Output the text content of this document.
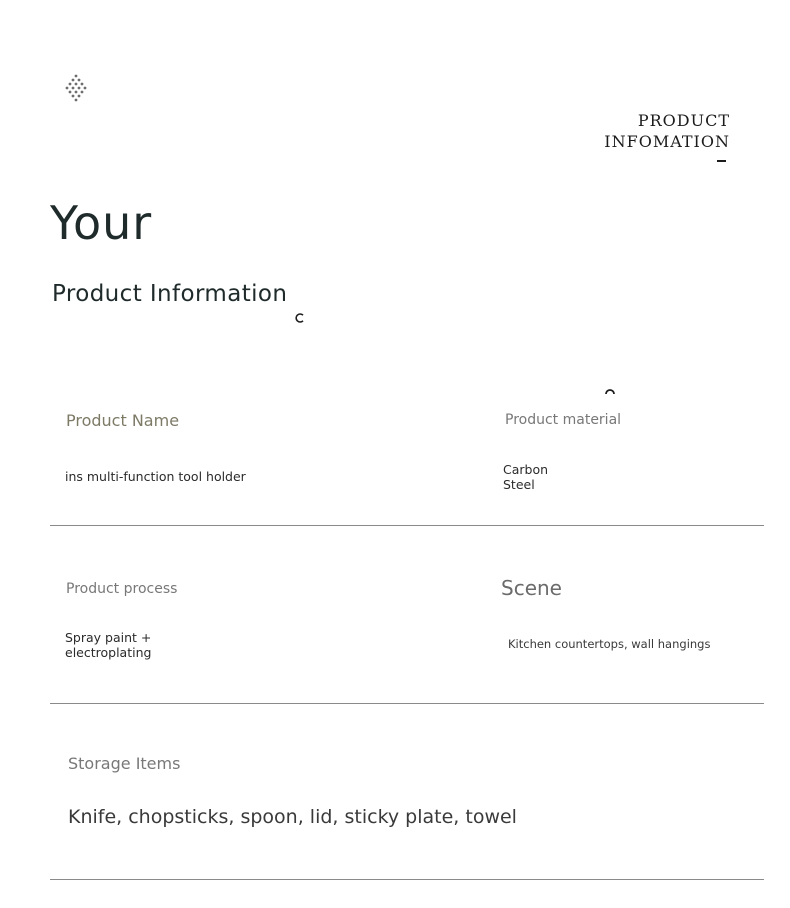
PRODUCT
INFOMATION
Your
Product Information
Product Name
ins multi-function tool holder
Product material
Carbon
Steel
Product process
Spray paint +
electroplating
Scene
Kitchen countertops, wall hangings
Storage Items
Knife, chopsticks, spoon, lid, sticky plate, towel
